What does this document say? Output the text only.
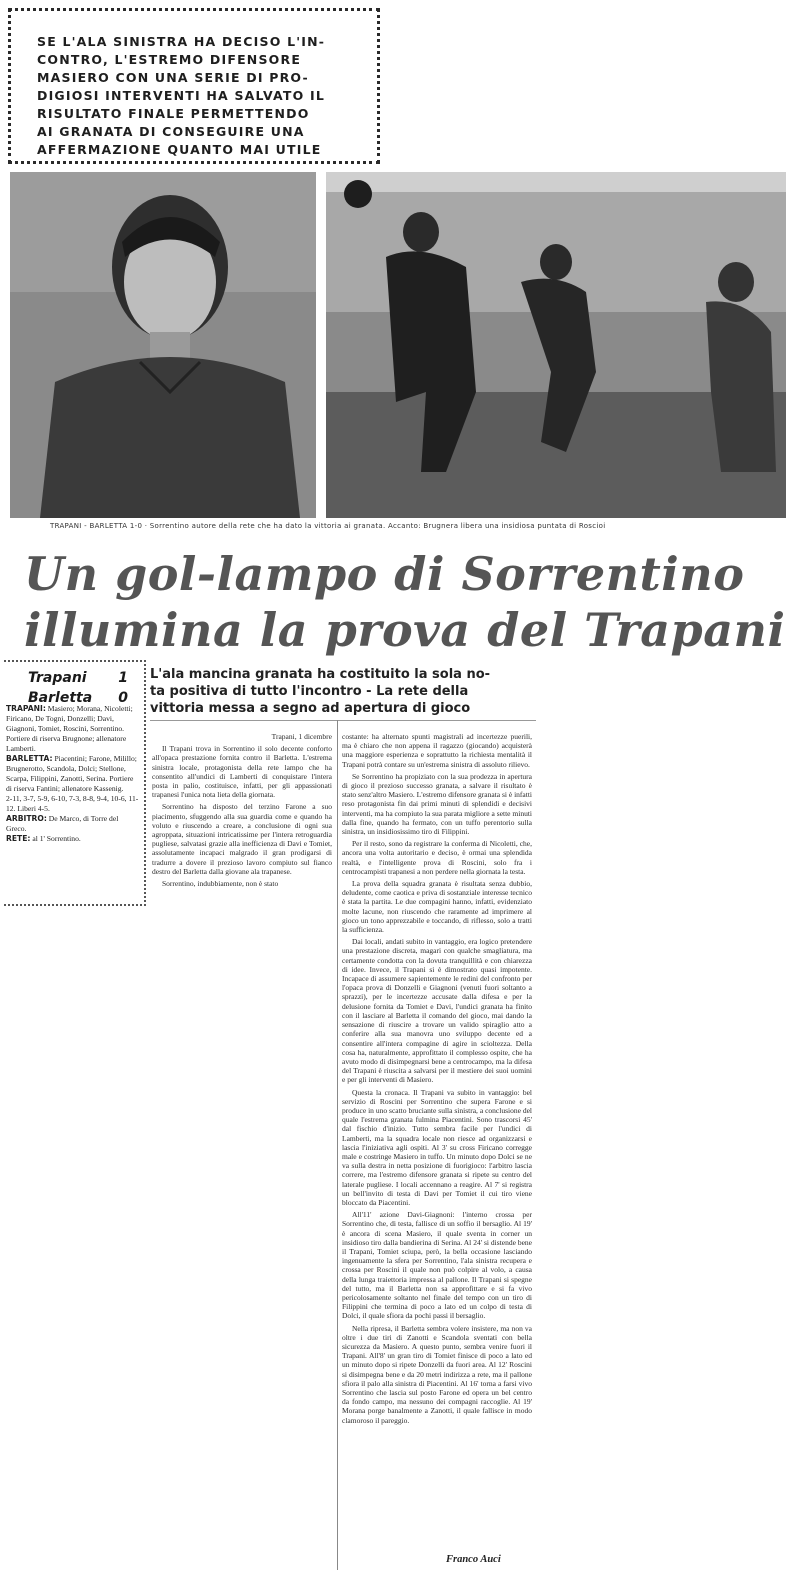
SE L'ALA SINISTRA HA DECISO L'IN-
CONTRO, L'ESTREMO DIFENSORE
MASIERO CON UNA SERIE DI PRO-
DIGIOSI INTERVENTI HA SALVATO IL
RISULTATO FINALE PERMETTENDO
AI GRANATA DI CONSEGUIRE UNA
AFFERMAZIONE QUANTO MAI UTILE
TRAPANI - BARLETTA 1-0 · Sorrentino autore della rete che ha dato la vittoria ai granata. Accanto: Brugnera libera una insidiosa puntata di Roscioi
Un gol-lampo di Sorrentino
illumina la prova del Trapani
Trapani 1
Barletta 0

TRAPANI: Masiero; Morana, Nicoletti; Firicano, De Togni, Donzelli; Davi, Giagnoni, Tomiet, Roscini, Sorrentino. Portiere di riserva Brugnone; allenatore Lamberti.

BARLETTA: Piacentini; Farone, Milillo; Brugnerotto, Scandola, Dolci; Stellone, Scarpa, Filippini, Zanotti, Serina. Portiere di riserva Fantini; allenatore Kassenig.

2-11, 3-7, 5-9, 6-10, 7-3, 8-8, 9-4, 10-6, 11-12. Liberi 4-5.

ARBITRO: De Marco, di Torre del Greco.

RETE: al 1' Sorrentino.

L'ala mancina granata ha costituito la sola no-
ta positiva di tutto l'incontro - La rete della
vittoria messa a segno ad apertura di gioco

Trapani, 1 dicembre

Il Trapani trova in Sorrentino il solo decente conforto all'opaca prestazione fornita contro il Barletta. L'estrema sinistra locale, protagonista della rete lampo che ha consentito all'undici di Lamberti di conquistare l'intera posta in palio, costituisce, infatti, per gli appassionati trapanesi l'unica nota lieta della giornata.

Sorrentino ha disposto del terzino Farone a suo piacimento, sfuggendo alla sua guardia come e quando ha voluto e riuscendo a creare, a conclusione di ogni sua agroppata, situazioni intricatissime per l'intera retroguardia pugliese, salvatasi grazie alla inefficienza di Davi e Tomiet, assolutamente incapaci malgrado il gran prodigarsi di tradurre a dovere il prezioso lavoro compiuto sul fianco destro del Barletta dalla giovane ala trapanese.

Sorrentino, indubbiamente, non è stato

costante: ha alternato spunti magistrali ad incertezze puerili, ma è chiaro che non appena il ragazzo (giocando) acquisterà una maggiore esperienza e soprattutto la richiesta mentalità il Trapani potrà contare su un'estrema sinistra di assoluto rilievo.

Se Sorrentino ha propiziato con la sua prodezza in apertura di gioco il prezioso successo granata, a salvare il risultato è stato senz'altro Masiero. L'estremo difensore granata si è infatti reso protagonista fin dai primi minuti di splendidi e decisivi interventi, ma ha compiuto la sua parata migliore a sette minuti dalla fine, quando ha fermato, con un tuffo perentorio sulla sinistra, un insidiosissimo tiro di Filippini.

Per il resto, sono da registrare la conferma di Nicoletti, che, ancora una volta autoritario e deciso, è ormai una splendida realtà, e l'intelligente prova di Roscini, solo fra i centrocampisti trapanesi a non perdere nella giornata la testa.

La prova della squadra granata è risultata senza dubbio, deludente, come caotica e priva di sostanziale interesse tecnico è stata la partita. Le due compagini hanno, infatti, evidenziato molte lacune, non riuscendo che raramente ad imprimere al gioco un tono apprezzabile e toccando, di riflesso, solo a tratti la sufficienza.

Dai locali, andati subito in vantaggio, era logico pretendere una prestazione discreta, magari con qualche smagliatura, ma certamente condotta con la dovuta tranquillità e con chiarezza di idee. Invece, il Trapani si è dimostrato quasi impotente. Incapace di assumere sapientemente le redini del confronto per l'opaca prova di Donzelli e Giagnoni (venuti fuori soltanto a sprazzi), per le incertezze accusate dalla difesa e per la delusione fornita da Tomiet e Davi, l'undici granata ha finito con il lasciare al Barletta il comando del gioco, mai dando la sensazione di riuscire a trovare un valido spiraglio atto a conferire alla sua manovra uno sviluppo decente ed a consentire all'intera compagine di agire in scioltezza. Della cosa ha, naturalmente, approfittato il complesso ospite, che ha avuto modo di disimpegnarsi bene a centrocampo, ma la difesa del Trapani è riuscita a salvarsi per il mestiere dei suoi uomini e per gli interventi di Masiero.

Questa la cronaca. Il Trapani va subito in vantaggio: bel servizio di Roscini per Sorrentino che supera Farone e si produce in uno scatto bruciante sulla sinistra, a conclusione del quale l'estrema granata fulmina Piacentini. Sono trascorsi 45' dal fischio d'inizio. Tutto sembra facile per l'undici di Lamberti, ma la squadra locale non riesce ad organizzarsi e lascia l'iniziativa agli ospiti. Al 3' su cross Firicano corregge male e costringe Masiero in tuffo. Un minuto dopo Dolci se ne va sulla destra in netta posizione di fuorigioco: l'arbitro lascia correre, ma l'estremo difensore granata si ripete su centro del laterale pugliese. I locali accennano a reagire. Al 7' si registra un bell'invito di testa di Davi per Tomiet il cui tiro viene bloccato da Piacentini.

All'11' azione Davi-Giagnoni: l'interno crossa per Sorrentino che, di testa, fallisce di un soffio il bersaglio. Al 19' è ancora di scena Masiero, il quale sventa in corner un insidioso tiro dalla bandierina di Serina. Al 24' si distende bene il Trapani, Tomiet sciupa, però, la bella occasione lasciando ingenuamente la sfera per Sorrentino, l'ala sinistra recupera e crossa per Roscini il quale non può colpire al volo, a causa della lunga traiettoria impressa al pallone. Il Trapani si spegne del tutto, ma il Barletta non sa approfittare e si fa vivo pericolosamente soltanto nel finale del tempo con un tiro di Filippini che termina di poco a lato ed un colpo di testa di Dolci, il quale sfiora da pochi passi il bersaglio.

Nella ripresa, il Barletta sembra volere insistere, ma non va oltre i due tiri di Zanotti e Scandola sventati con bella sicurezza da Masiero. A questo punto, sembra venire fuori il Trapani. All'8' un gran tiro di Tomiet finisce di poco a lato ed un minuto dopo si ripete Donzelli da fuori area. Al 12' Roscini si disimpegna bene e da 20 metri indirizza a rete, ma il pallone sfiora il palo alla sinistra di Piacentini. Al 16' torna a farsi vivo Sorrentino che lascia sul posto Farone ed opera un bel centro da fondo campo, ma nessuno dei compagni raccoglie. Al 19' Morana porge banalmente a Zanotti, il quale fallisce in modo clamoroso il pareggio.

Franco Auci
